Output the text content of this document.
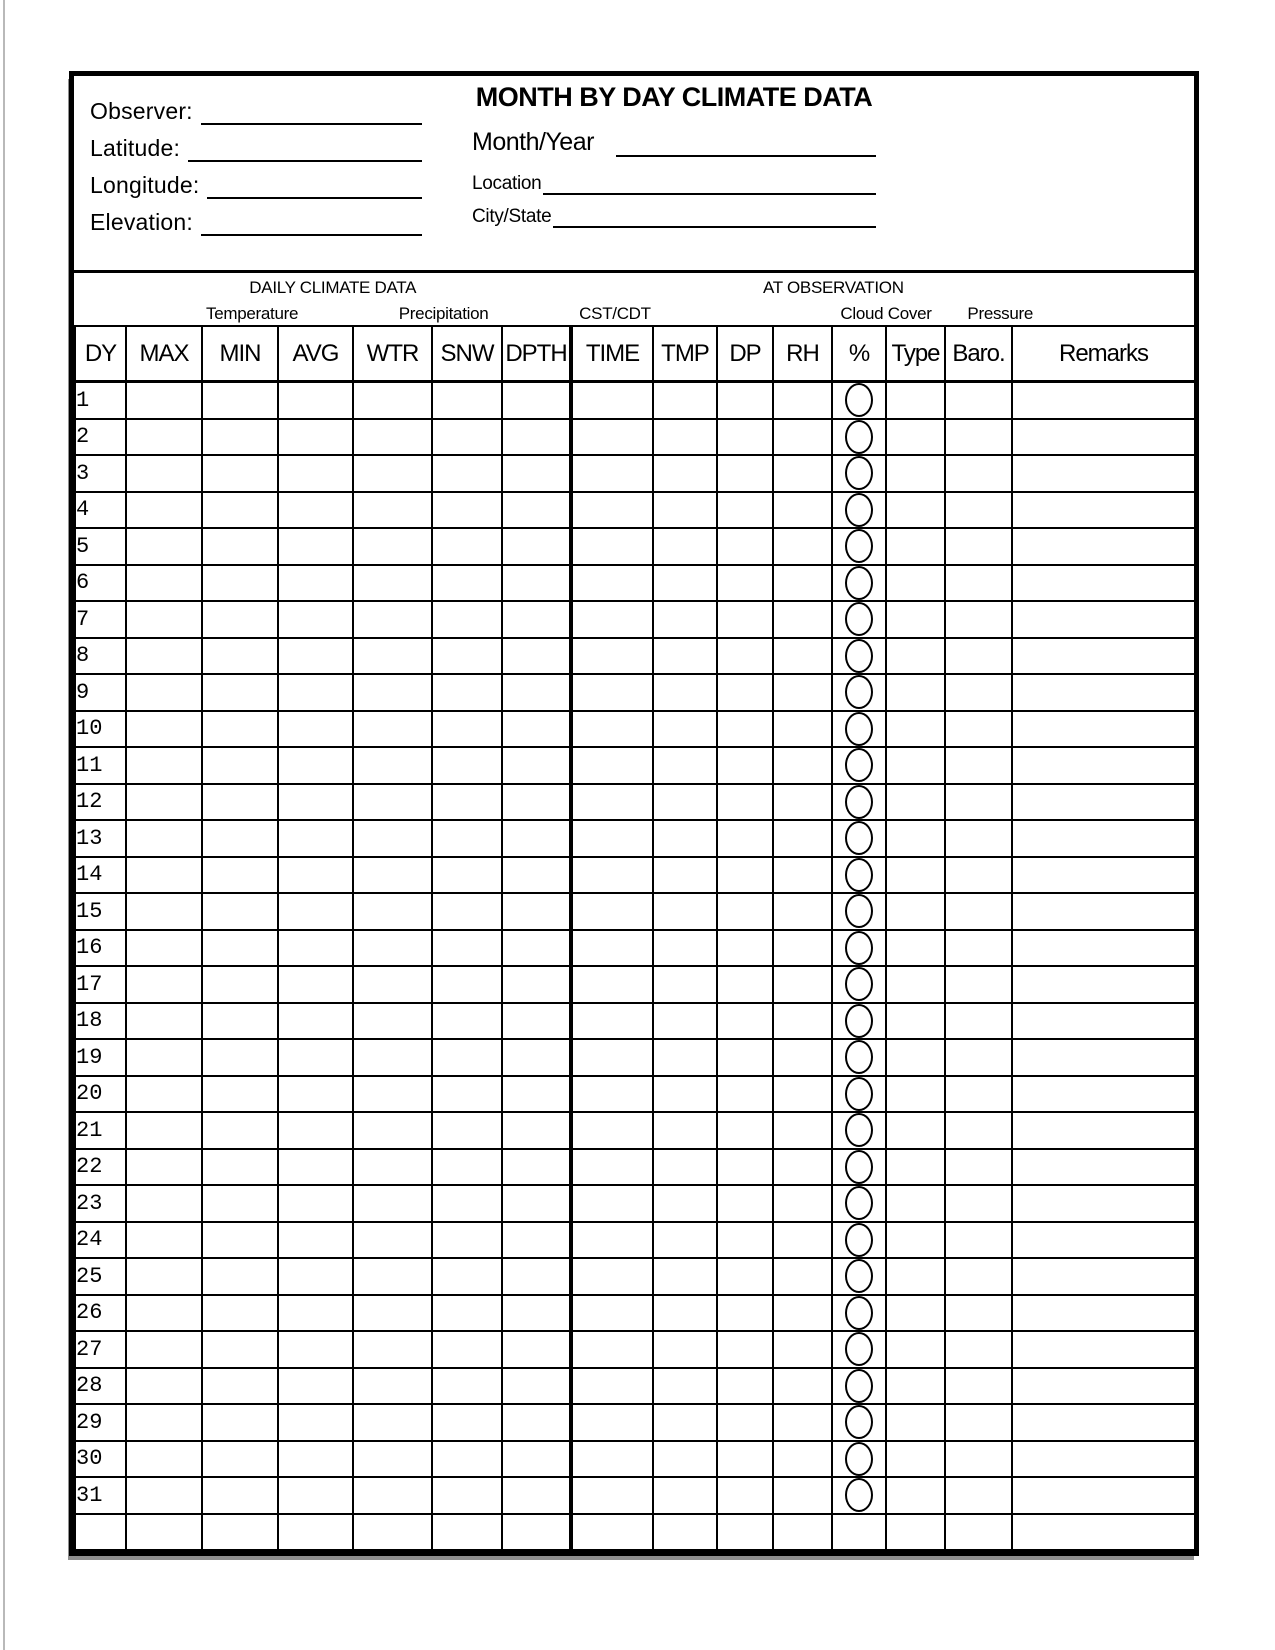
Observer:
Latitude:
Longitude:
Elevation:
MONTH BY DAY CLIMATE DATA
Month/Year
Location
City/State
DAILY CLIMATE DATA	AT OBSERVATION
Temperature	Precipitation	CST/CDT	Cloud Cover Pressure
DY	MAX	MIN	AVG	WTR	SNW	DPTH	TIME	TMP	DP	RH	%	Type	Baro.	Remarks
1											

2											

3											

4											

5											

6											

7											

8											

9											

10											

11											

12											

13											

14											

15											

16											

17											

18											

19											

20											

21											

22											

23											

24											

25											

26											

27											

28											

29											

30											

31											
